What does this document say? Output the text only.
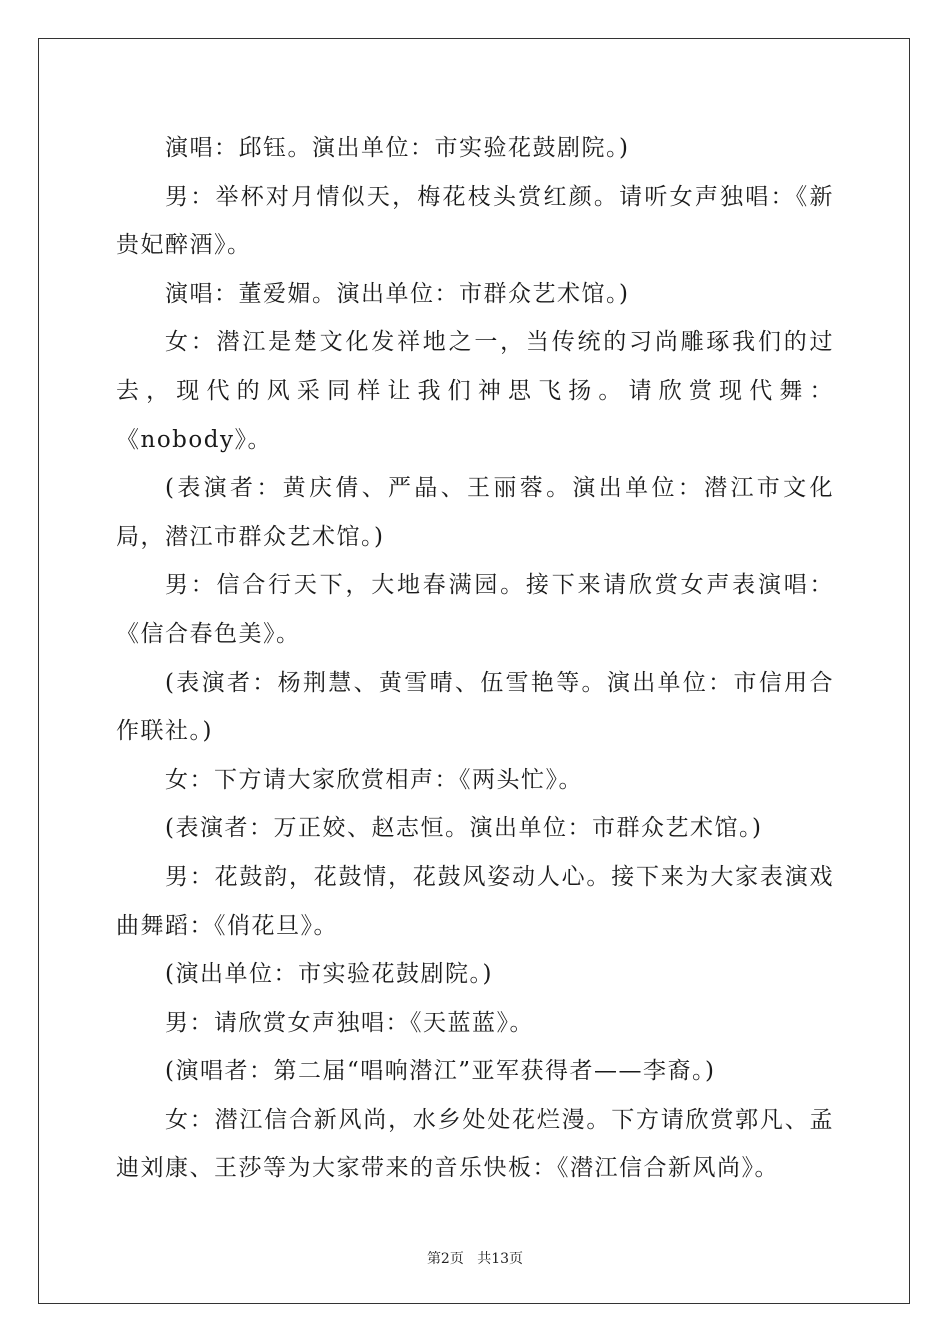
演唱：邱钰。演出单位：市实验花鼓剧院。)

男：举杯对月情似天，梅花枝头赏红颜。请听女声独唱：《新贵妃醉酒》。

演唱：董爱媚。演出单位：市群众艺术馆。)

女：潜江是楚文化发祥地之一，当传统的习尚雕琢我们的过去，现代的风采同样让我们神思飞扬。请欣赏现代舞：《nobody》。

(表演者：黄庆倩、严晶、王丽蓉。演出单位：潜江市文化局，潜江市群众艺术馆。)

男：信合行天下，大地春满园。接下来请欣赏女声表演唱：《信合春色美》。

(表演者：杨荆慧、黄雪晴、伍雪艳等。演出单位：市信用合作联社。)

女：下方请大家欣赏相声：《两头忙》。

(表演者：万正姣、赵志恒。演出单位：市群众艺术馆。)

男：花鼓韵，花鼓情，花鼓风姿动人心。接下来为大家表演戏曲舞蹈：《俏花旦》。

(演出单位：市实验花鼓剧院。)

男：请欣赏女声独唱：《天蓝蓝》。

(演唱者：第二届“唱响潜江”亚军获得者——李裔。)

女：潜江信合新风尚，水乡处处花烂漫。下方请欣赏郭凡、孟迪刘康、王莎等为大家带来的音乐快板：《潜江信合新风尚》。

第2页 共13页
